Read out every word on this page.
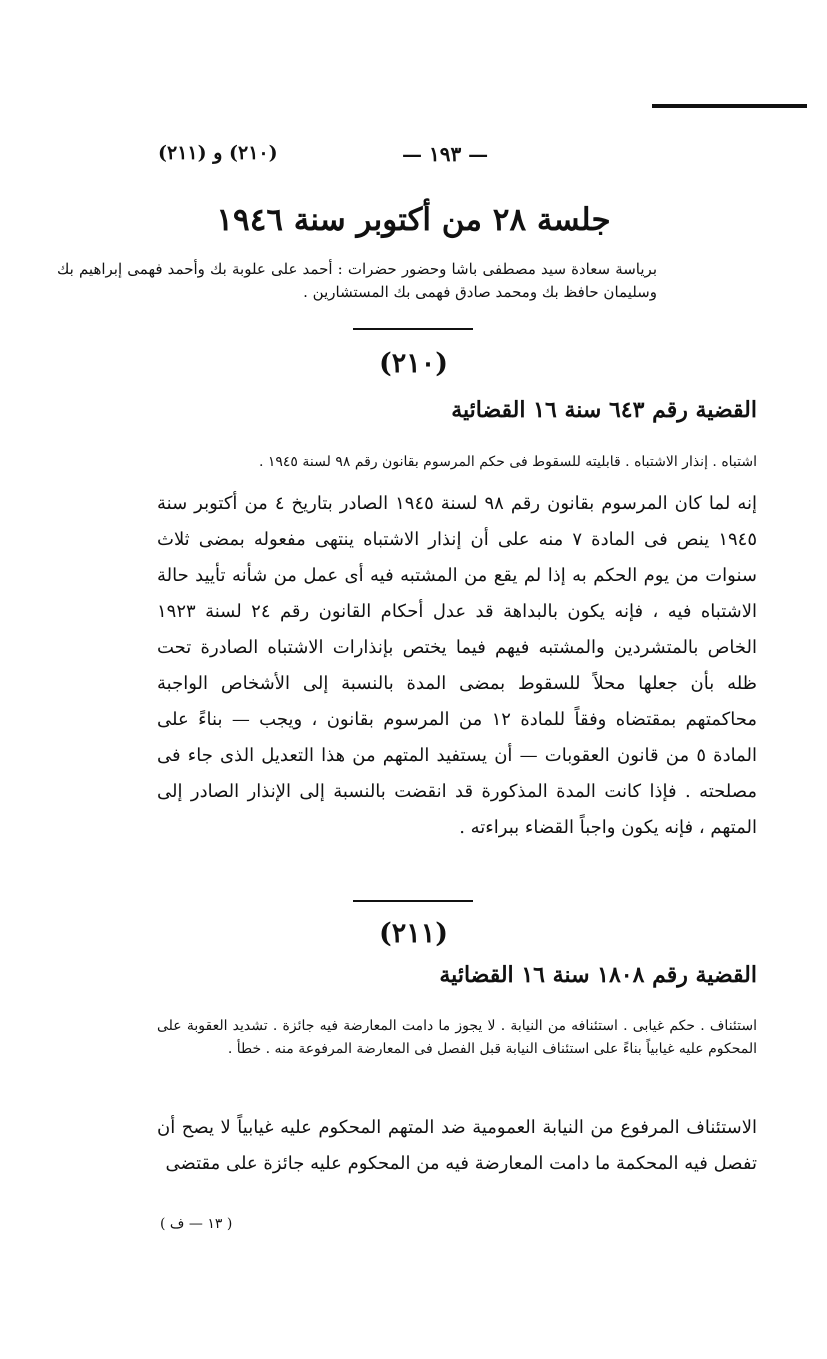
(٢١٠) و (٢١١)	— ١٩٣ —
جلسة ٢٨ من أكتوبر سنة ١٩٤٦
برياسة سعادة سيد مصطفى باشا وحضور حضرات : أحمد على علوبة بك وأحمد فهمى إبراهيم بك وسليمان حافظ بك ومحمد صادق فهمى بك المستشارين .
(٢١٠)
القضية رقم ٦٤٣ سنة ١٦ القضائية
اشتباه . إنذار الاشتباه . قابليته للسقوط فى حكم المرسوم بقانون رقم ٩٨ لسنة ١٩٤٥ .
إنه لما كان المرسوم بقانون رقم ٩٨ لسنة ١٩٤٥ الصادر بتاريخ ٤ من أكتوبر سنة ١٩٤٥ ينص فى المادة ٧ منه على أن إنذار الاشتباه ينتهى مفعوله بمضى ثلاث سنوات من يوم الحكم به إذا لم يقع من المشتبه فيه أى عمل من شأنه تأييد حالة الاشتباه فيه ، فإنه يكون بالبداهة قد عدل أحكام القانون رقم ٢٤ لسنة ١٩٢٣ الخاص بالمتشردين والمشتبه فيهم فيما يختص بإنذارات الاشتباه الصادرة تحت ظله بأن جعلها محلاً للسقوط بمضى المدة بالنسبة إلى الأشخاص الواجبة محاكمتهم بمقتضاه وفقاً للمادة ١٢ من المرسوم بقانون ، ويجب — بناءً على المادة ٥ من قانون العقوبات — أن يستفيد المتهم من هذا التعديل الذى جاء فى مصلحته . فإذا كانت المدة المذكورة قد انقضت بالنسبة إلى الإنذار الصادر إلى المتهم ، فإنه يكون واجباً القضاء ببراءته .
(٢١١)
القضية رقم ١٨٠٨ سنة ١٦ القضائية
استئناف . حكم غيابى . استئنافه من النيابة . لا يجوز ما دامت المعارضة فيه جائزة . تشديد العقوبة على المحكوم عليه غيابياً بناءً على استئناف النيابة قبل الفصل فى المعارضة المرفوعة منه . خطأ .
الاستئناف المرفوع من النيابة العمومية ضد المتهم المحكوم عليه غيابياً لا يصح أن تفصل فيه المحكمة ما دامت المعارضة فيه من المحكوم عليه جائزة على مقتضى
( ١٣ — ف )
